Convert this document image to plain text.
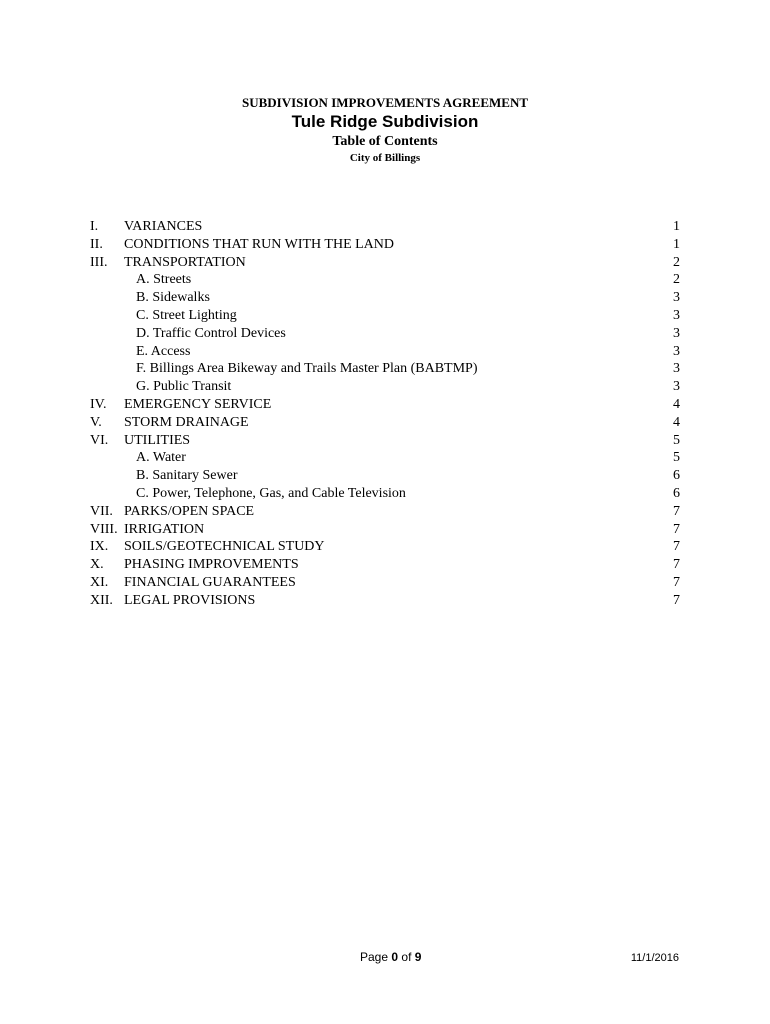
SUBDIVISION IMPROVEMENTS AGREEMENT
Tule Ridge Subdivision
Table of Contents
City of Billings
I. VARIANCES	1
II. CONDITIONS THAT RUN WITH THE LAND	1
III. TRANSPORTATION	2
A. Streets	2
B. Sidewalks	3
C. Street Lighting	3
D. Traffic Control Devices	3
E. Access	3
F. Billings Area Bikeway and Trails Master Plan (BABTMP)	3
G. Public Transit	3
IV. EMERGENCY SERVICE	4
V. STORM DRAINAGE	4
VI. UTILITIES	5
A. Water	5
B. Sanitary Sewer	6
C. Power, Telephone, Gas, and Cable Television	6
VII. PARKS/OPEN SPACE	7
VIII. IRRIGATION	7
IX. SOILS/GEOTECHNICAL STUDY	7
X. PHASING IMPROVEMENTS	7
XI. FINANCIAL GUARANTEES	7
XII. LEGAL PROVISIONS	7
Page 0 of 9	11/1/2016
